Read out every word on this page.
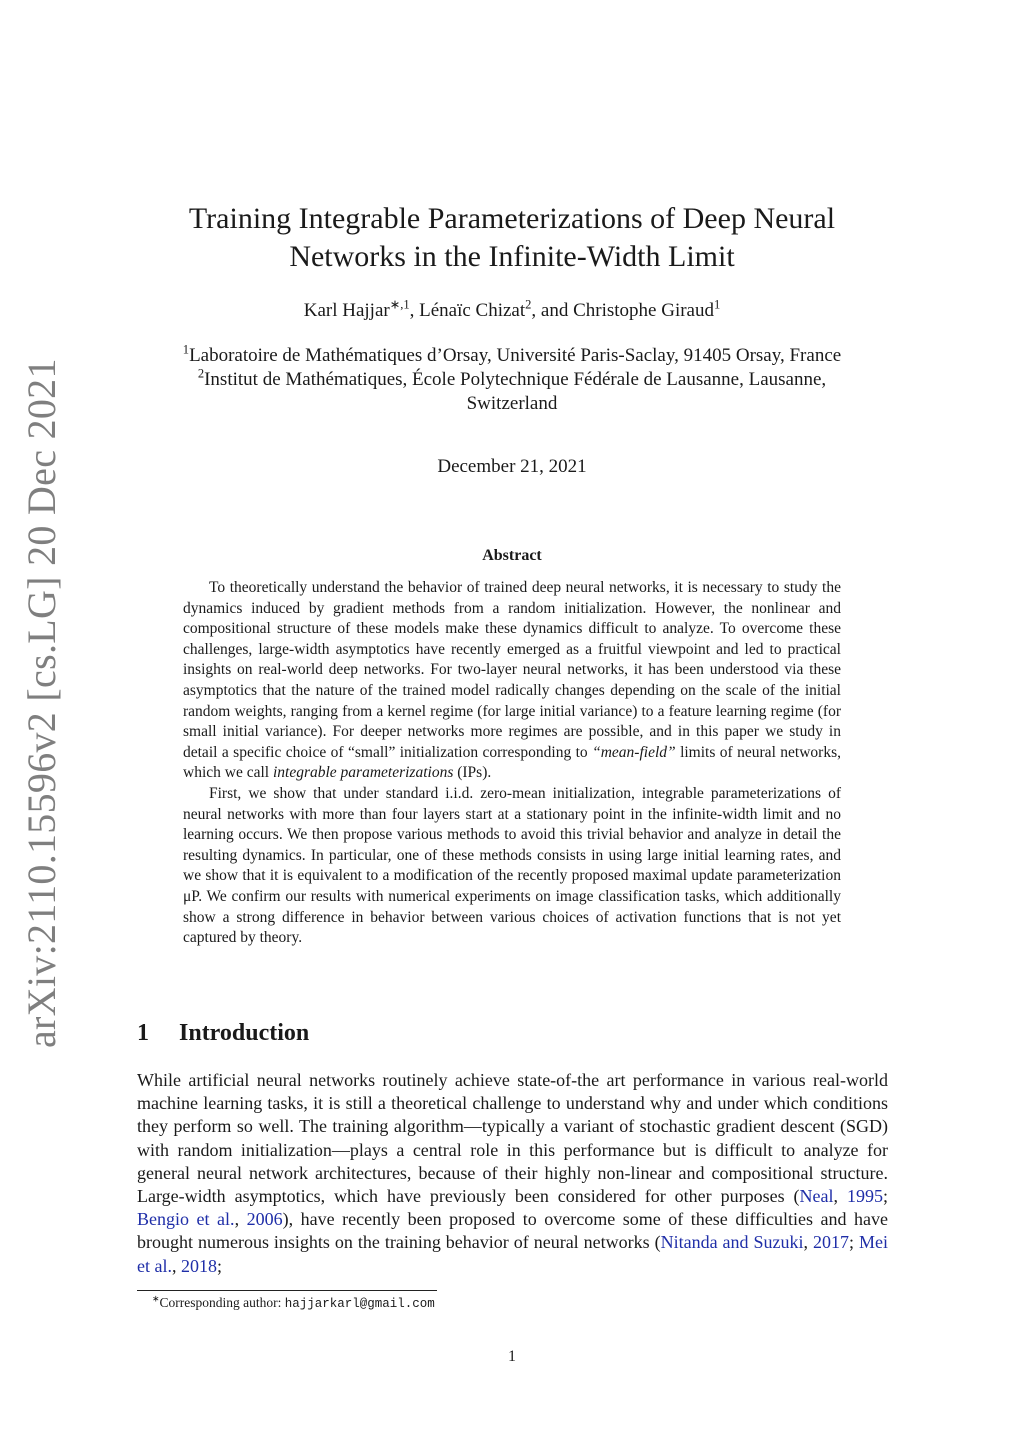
arXiv:2110.15596v2 [cs.LG] 20 Dec 2021
Training Integrable Parameterizations of Deep Neural
Networks in the Infinite-Width Limit
Karl Hajjar$^{∗,1}$, Lénaïc Chizat$^2$, and Christophe Giraud$^1$
$^1$Laboratoire de Mathématiques d’Orsay, Université Paris-Saclay, 91405 Orsay, France
$^2$Institut de Mathématiques, École Polytechnique Fédérale de Lausanne, Lausanne,
Switzerland
December 21, 2021
Abstract

To theoretically understand the behavior of trained deep neural networks, it is necessary to study the dynamics induced by gradient methods from a random initialization. However, the nonlinear and compositional structure of these models make these dynamics difficult to analyze. To overcome these challenges, large-width asymptotics have recently emerged as a fruitful viewpoint and led to practical insights on real-world deep networks. For two-layer neural networks, it has been understood via these asymptotics that the nature of the trained model radically changes depending on the scale of the initial random weights, ranging from a kernel regime (for large initial variance) to a feature learning regime (for small initial variance). For deeper networks more regimes are possible, and in this paper we study in detail a specific choice of “small” initialization corresponding to “mean-field” limits of neural networks, which we call integrable parameterizations (IPs).

First, we show that under standard i.i.d. zero-mean initialization, integrable parameterizations of neural networks with more than four layers start at a stationary point in the infinite-width limit and no learning occurs. We then propose various methods to avoid this trivial behavior and analyze in detail the resulting dynamics. In particular, one of these methods consists in using large initial learning rates, and we show that it is equivalent to a modification of the recently proposed maximal update parameterization μP. We confirm our results with numerical experiments on image classification tasks, which additionally show a strong difference in behavior between various choices of activation functions that is not yet captured by theory.

1 Introduction

While artificial neural networks routinely achieve state-of-the art performance in various real-world machine learning tasks, it is still a theoretical challenge to understand why and under which conditions they perform so well. The training algorithm—typically a variant of stochastic gradient descent (SGD) with random initialization—plays a central role in this performance but is difficult to analyze for general neural network architectures, because of their highly non-linear and compositional structure. Large-width asymptotics, which have previously been considered for other purposes (Neal, 1995; Bengio et al., 2006), have recently been proposed to overcome some of these difficulties and have brought numerous insights on the training behavior of neural networks (Nitanda and Suzuki, 2017; Mei et al., 2018;

∗Corresponding author: hajjarkarl@gmail.com
1
